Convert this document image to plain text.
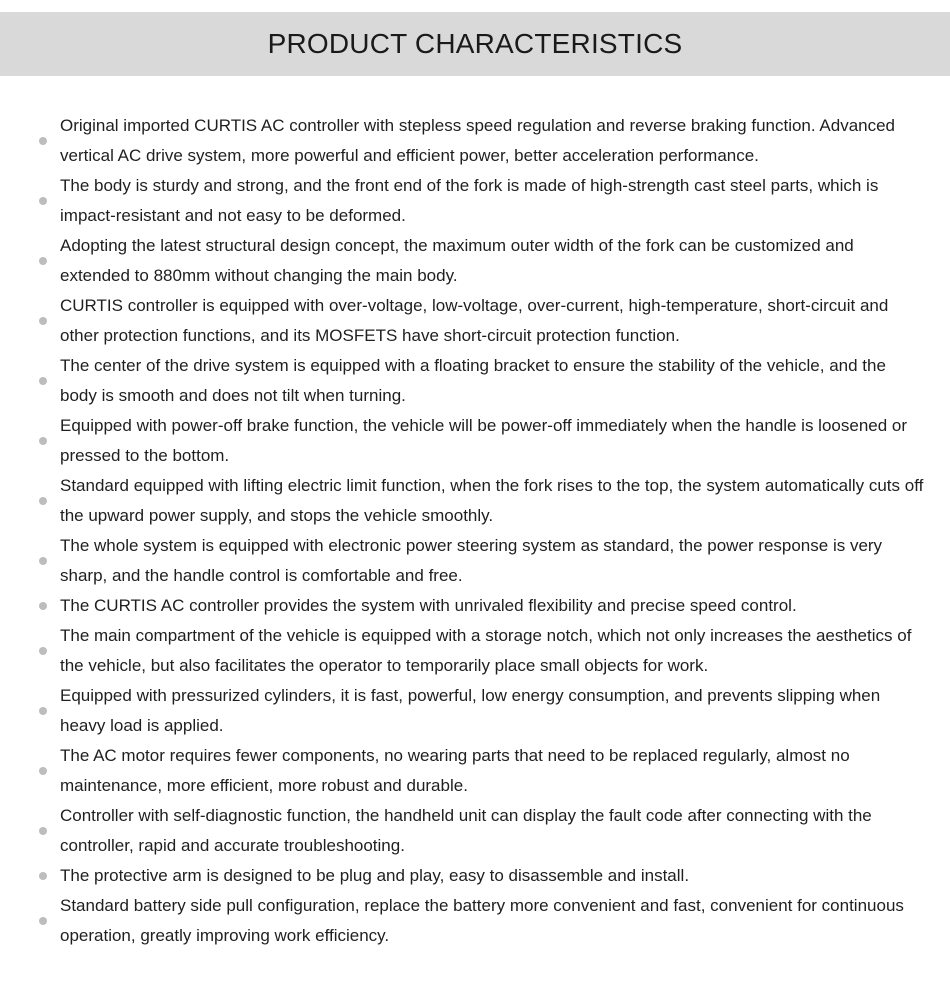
PRODUCT CHARACTERISTICS
Original imported CURTIS AC controller with stepless speed regulation and reverse braking function. Advanced vertical AC drive system, more powerful and efficient power, better acceleration performance.
The body is sturdy and strong, and the front end of the fork is made of high-strength cast steel parts, which is impact-resistant and not easy to be deformed.
Adopting the latest structural design concept, the maximum outer width of the fork can be customized and extended to 880mm without changing the main body.
CURTIS controller is equipped with over-voltage, low-voltage, over-current, high-temperature, short-circuit and other protection functions, and its MOSFETS have short-circuit protection function.
The center of the drive system is equipped with a floating bracket to ensure the stability of the vehicle, and the body is smooth and does not tilt when turning.
Equipped with power-off brake function, the vehicle will be power-off immediately when the handle is loosened or pressed to the bottom.
Standard equipped with lifting electric limit function, when the fork rises to the top, the system automatically cuts off the upward power supply, and stops the vehicle smoothly.
The whole system is equipped with electronic power steering system as standard, the power response is very sharp, and the handle control is comfortable and free.
The CURTIS AC controller provides the system with unrivaled flexibility and precise speed control.
The main compartment of the vehicle is equipped with a storage notch, which not only increases the aesthetics of the vehicle, but also facilitates the operator to temporarily place small objects for work.
Equipped with pressurized cylinders, it is fast, powerful, low energy consumption, and prevents slipping when heavy load is applied.
The AC motor requires fewer components, no wearing parts that need to be replaced regularly, almost no maintenance, more efficient, more robust and durable.
Controller with self-diagnostic function, the handheld unit can display the fault code after connecting with the controller, rapid and accurate troubleshooting.
The protective arm is designed to be plug and play, easy to disassemble and install.
Standard battery side pull configuration, replace the battery more convenient and fast, convenient for continuous operation, greatly improving work efficiency.
